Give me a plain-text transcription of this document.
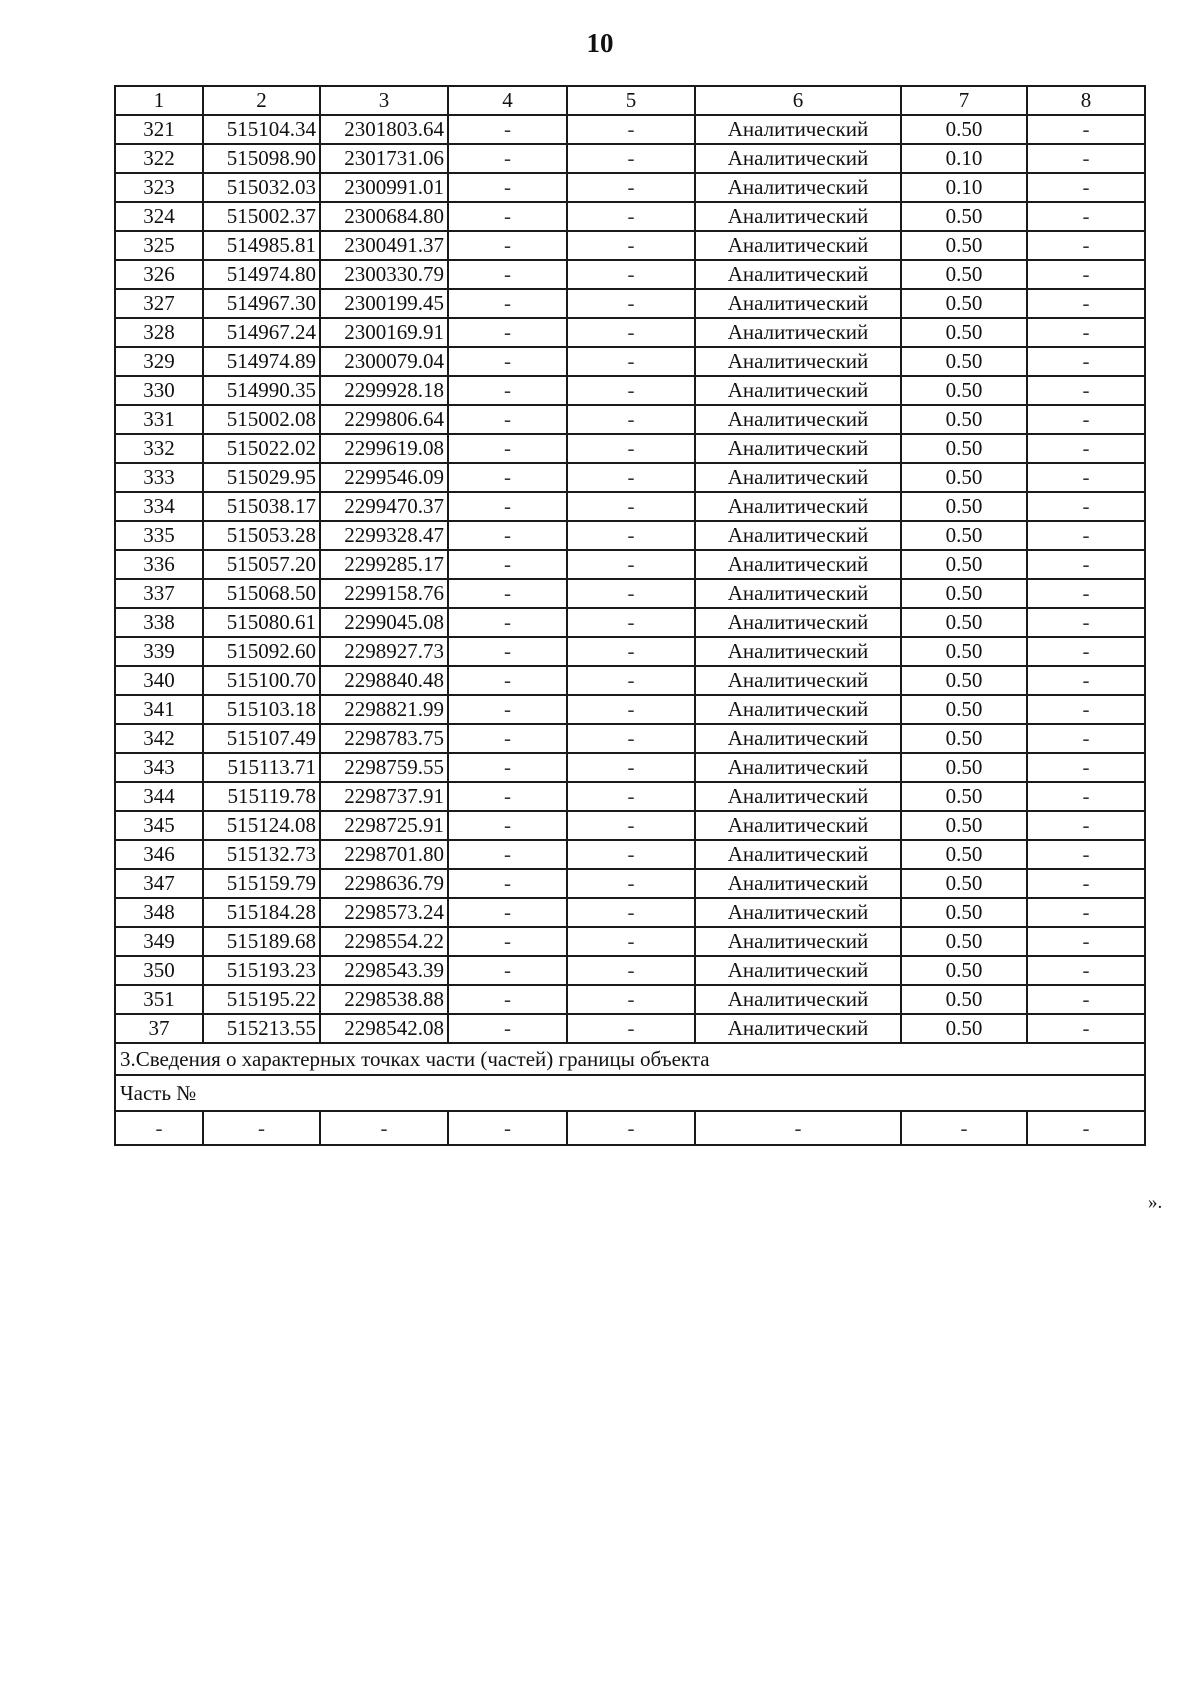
10
1	2	3	4	5	6	7	8
321	515104.34	2301803.64	-	-	Аналитический	0.50	-
322	515098.90	2301731.06	-	-	Аналитический	0.10	-
323	515032.03	2300991.01	-	-	Аналитический	0.10	-
324	515002.37	2300684.80	-	-	Аналитический	0.50	-
325	514985.81	2300491.37	-	-	Аналитический	0.50	-
326	514974.80	2300330.79	-	-	Аналитический	0.50	-
327	514967.30	2300199.45	-	-	Аналитический	0.50	-
328	514967.24	2300169.91	-	-	Аналитический	0.50	-
329	514974.89	2300079.04	-	-	Аналитический	0.50	-
330	514990.35	2299928.18	-	-	Аналитический	0.50	-
331	515002.08	2299806.64	-	-	Аналитический	0.50	-
332	515022.02	2299619.08	-	-	Аналитический	0.50	-
333	515029.95	2299546.09	-	-	Аналитический	0.50	-
334	515038.17	2299470.37	-	-	Аналитический	0.50	-
335	515053.28	2299328.47	-	-	Аналитический	0.50	-
336	515057.20	2299285.17	-	-	Аналитический	0.50	-
337	515068.50	2299158.76	-	-	Аналитический	0.50	-
338	515080.61	2299045.08	-	-	Аналитический	0.50	-
339	515092.60	2298927.73	-	-	Аналитический	0.50	-
340	515100.70	2298840.48	-	-	Аналитический	0.50	-
341	515103.18	2298821.99	-	-	Аналитический	0.50	-
342	515107.49	2298783.75	-	-	Аналитический	0.50	-
343	515113.71	2298759.55	-	-	Аналитический	0.50	-
344	515119.78	2298737.91	-	-	Аналитический	0.50	-
345	515124.08	2298725.91	-	-	Аналитический	0.50	-
346	515132.73	2298701.80	-	-	Аналитический	0.50	-
347	515159.79	2298636.79	-	-	Аналитический	0.50	-
348	515184.28	2298573.24	-	-	Аналитический	0.50	-
349	515189.68	2298554.22	-	-	Аналитический	0.50	-
350	515193.23	2298543.39	-	-	Аналитический	0.50	-
351	515195.22	2298538.88	-	-	Аналитический	0.50	-
37	515213.55	2298542.08	-	-	Аналитический	0.50	-
3.Сведения о характерных точках части (частей) границы объекта							
Часть №							
-	-	-	-	-	-	-	-
».
